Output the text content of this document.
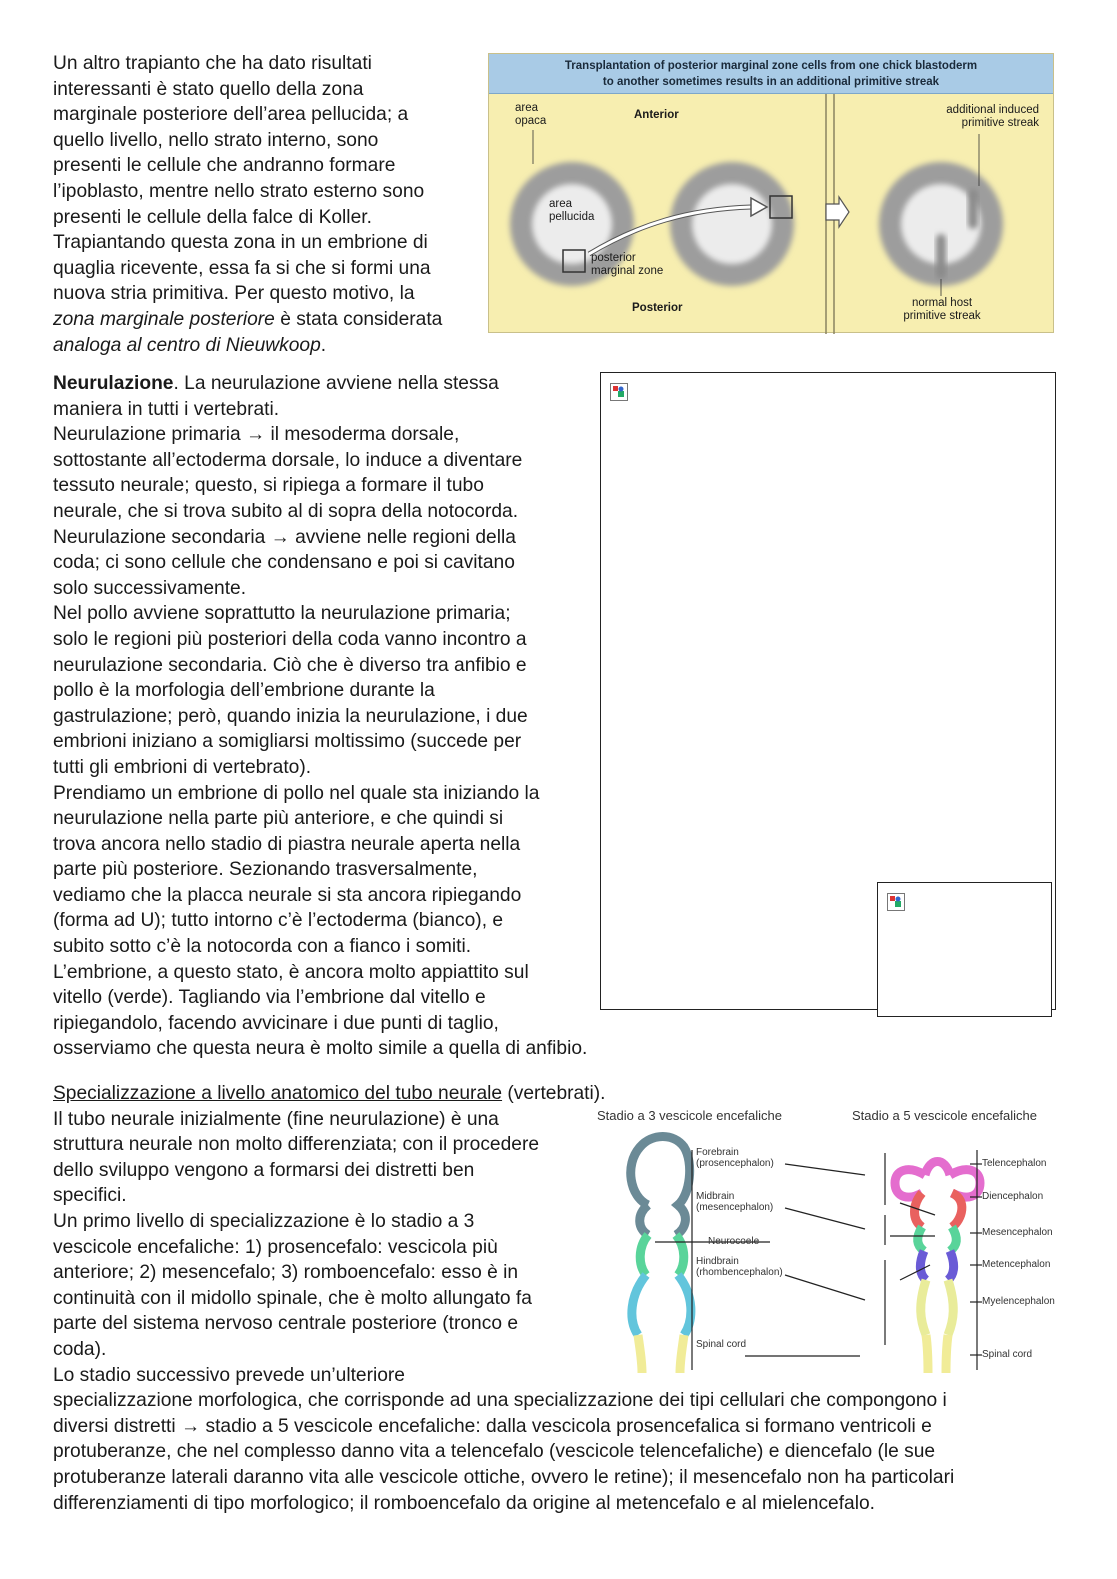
Un altro trapianto che ha dato risultati
interessanti è stato quello della zona
marginale posteriore dell’area pellucida; a
quello livello, nello strato interno, sono
presenti le cellule che andranno formare
l’ipoblasto, mentre nello strato esterno sono
presenti le cellule della falce di Koller.
Trapiantando questa zona in un embrione di
quaglia ricevente, essa fa si che si formi una
nuova stria primitiva. Per questo motivo, la
zona marginale posteriore è stata considerata
analoga al centro di Nieuwkoop.
Transplantation of posterior marginal zone cells from one chick blastoderm
to another sometimes results in an additional primitive streak
area opaca	Anterior
area pellucida
posterior marginal zone
Posterior
additional induced primitive streak
normal host primitive streak
Neurulazione. La neurulazione avviene nella stessa
maniera in tutti i vertebrati.
Neurulazione primaria → il mesoderma dorsale,
sottostante all’ectoderma dorsale, lo induce a diventare
tessuto neurale; questo, si ripiega a formare il tubo
neurale, che si trova subito al di sopra della notocorda.
Neurulazione secondaria → avviene nelle regioni della
coda; ci sono cellule che condensano e poi si cavitano
solo successivamente.
Nel pollo avviene soprattutto la neurulazione primaria;
solo le regioni più posteriori della coda vanno incontro a
neurulazione secondaria. Ciò che è diverso tra anfibio e
pollo è la morfologia dell’embrione durante la
gastrulazione; però, quando inizia la neurulazione, i due
embrioni iniziano a somigliarsi moltissimo (succede per
tutti gli embrioni di vertebrato).
Prendiamo un embrione di pollo nel quale sta iniziando la
neurulazione nella parte più anteriore, e che quindi si
trova ancora nello stadio di piastra neurale aperta nella
parte più posteriore. Sezionando trasversalmente,
vediamo che la placca neurale si sta ancora ripiegando
(forma ad U); tutto intorno c’è l’ectoderma (bianco), e
subito sotto c’è la notocorda con a fianco i somiti.
L’embrione, a questo stato, è ancora molto appiattito sul
vitello (verde). Tagliando via l’embrione dal vitello e
ripiegandolo, facendo avvicinare i due punti di taglio,
osserviamo che questa neura è molto simile a quella di anfibio.
Specializzazione a livello anatomico del tubo neurale (vertebrati).
Il tubo neurale inizialmente (fine neurulazione) è una
struttura neurale non molto differenziata; con il procedere
dello sviluppo vengono a formarsi dei distretti ben
specifici.
Un primo livello di specializzazione è lo stadio a 3
vescicole encefaliche: 1) prosencefalo: vescicola più
anteriore; 2) mesencefalo; 3) romboencefalo: esso è in
continuità con il midollo spinale, che è molto allungato fa
parte del sistema nervoso centrale posteriore (tronco e
coda).
Lo stadio successivo prevede un’ulteriore
specializzazione morfologica, che corrisponde ad una specializzazione dei tipi cellulari che compongono i
diversi distretti → stadio a 5 vescicole encefaliche: dalla vescicola prosencefalica si formano ventricoli e
protuberanze, che nel complesso danno vita a telencefalo (vescicole telencefaliche) e diencefalo (le sue
protuberanze laterali daranno vita alle vescicole ottiche, ovvero le retine); il mesencefalo non ha particolari
differenziamenti di tipo morfologico; il romboencefalo da origine al metencefalo e al mielencefalo.
Stadio a 3 vescicole encefaliche	Stadio a 5 vescicole encefaliche
Forebrain (prosencephalon)
Midbrain (mesencephalon)
Neurocoele
Hindbrain (rhombencephalon)
Spinal cord
Telencephalon
Diencephalon
Mesencephalon
Metencephalon
Myelencephalon
Spinal cord
